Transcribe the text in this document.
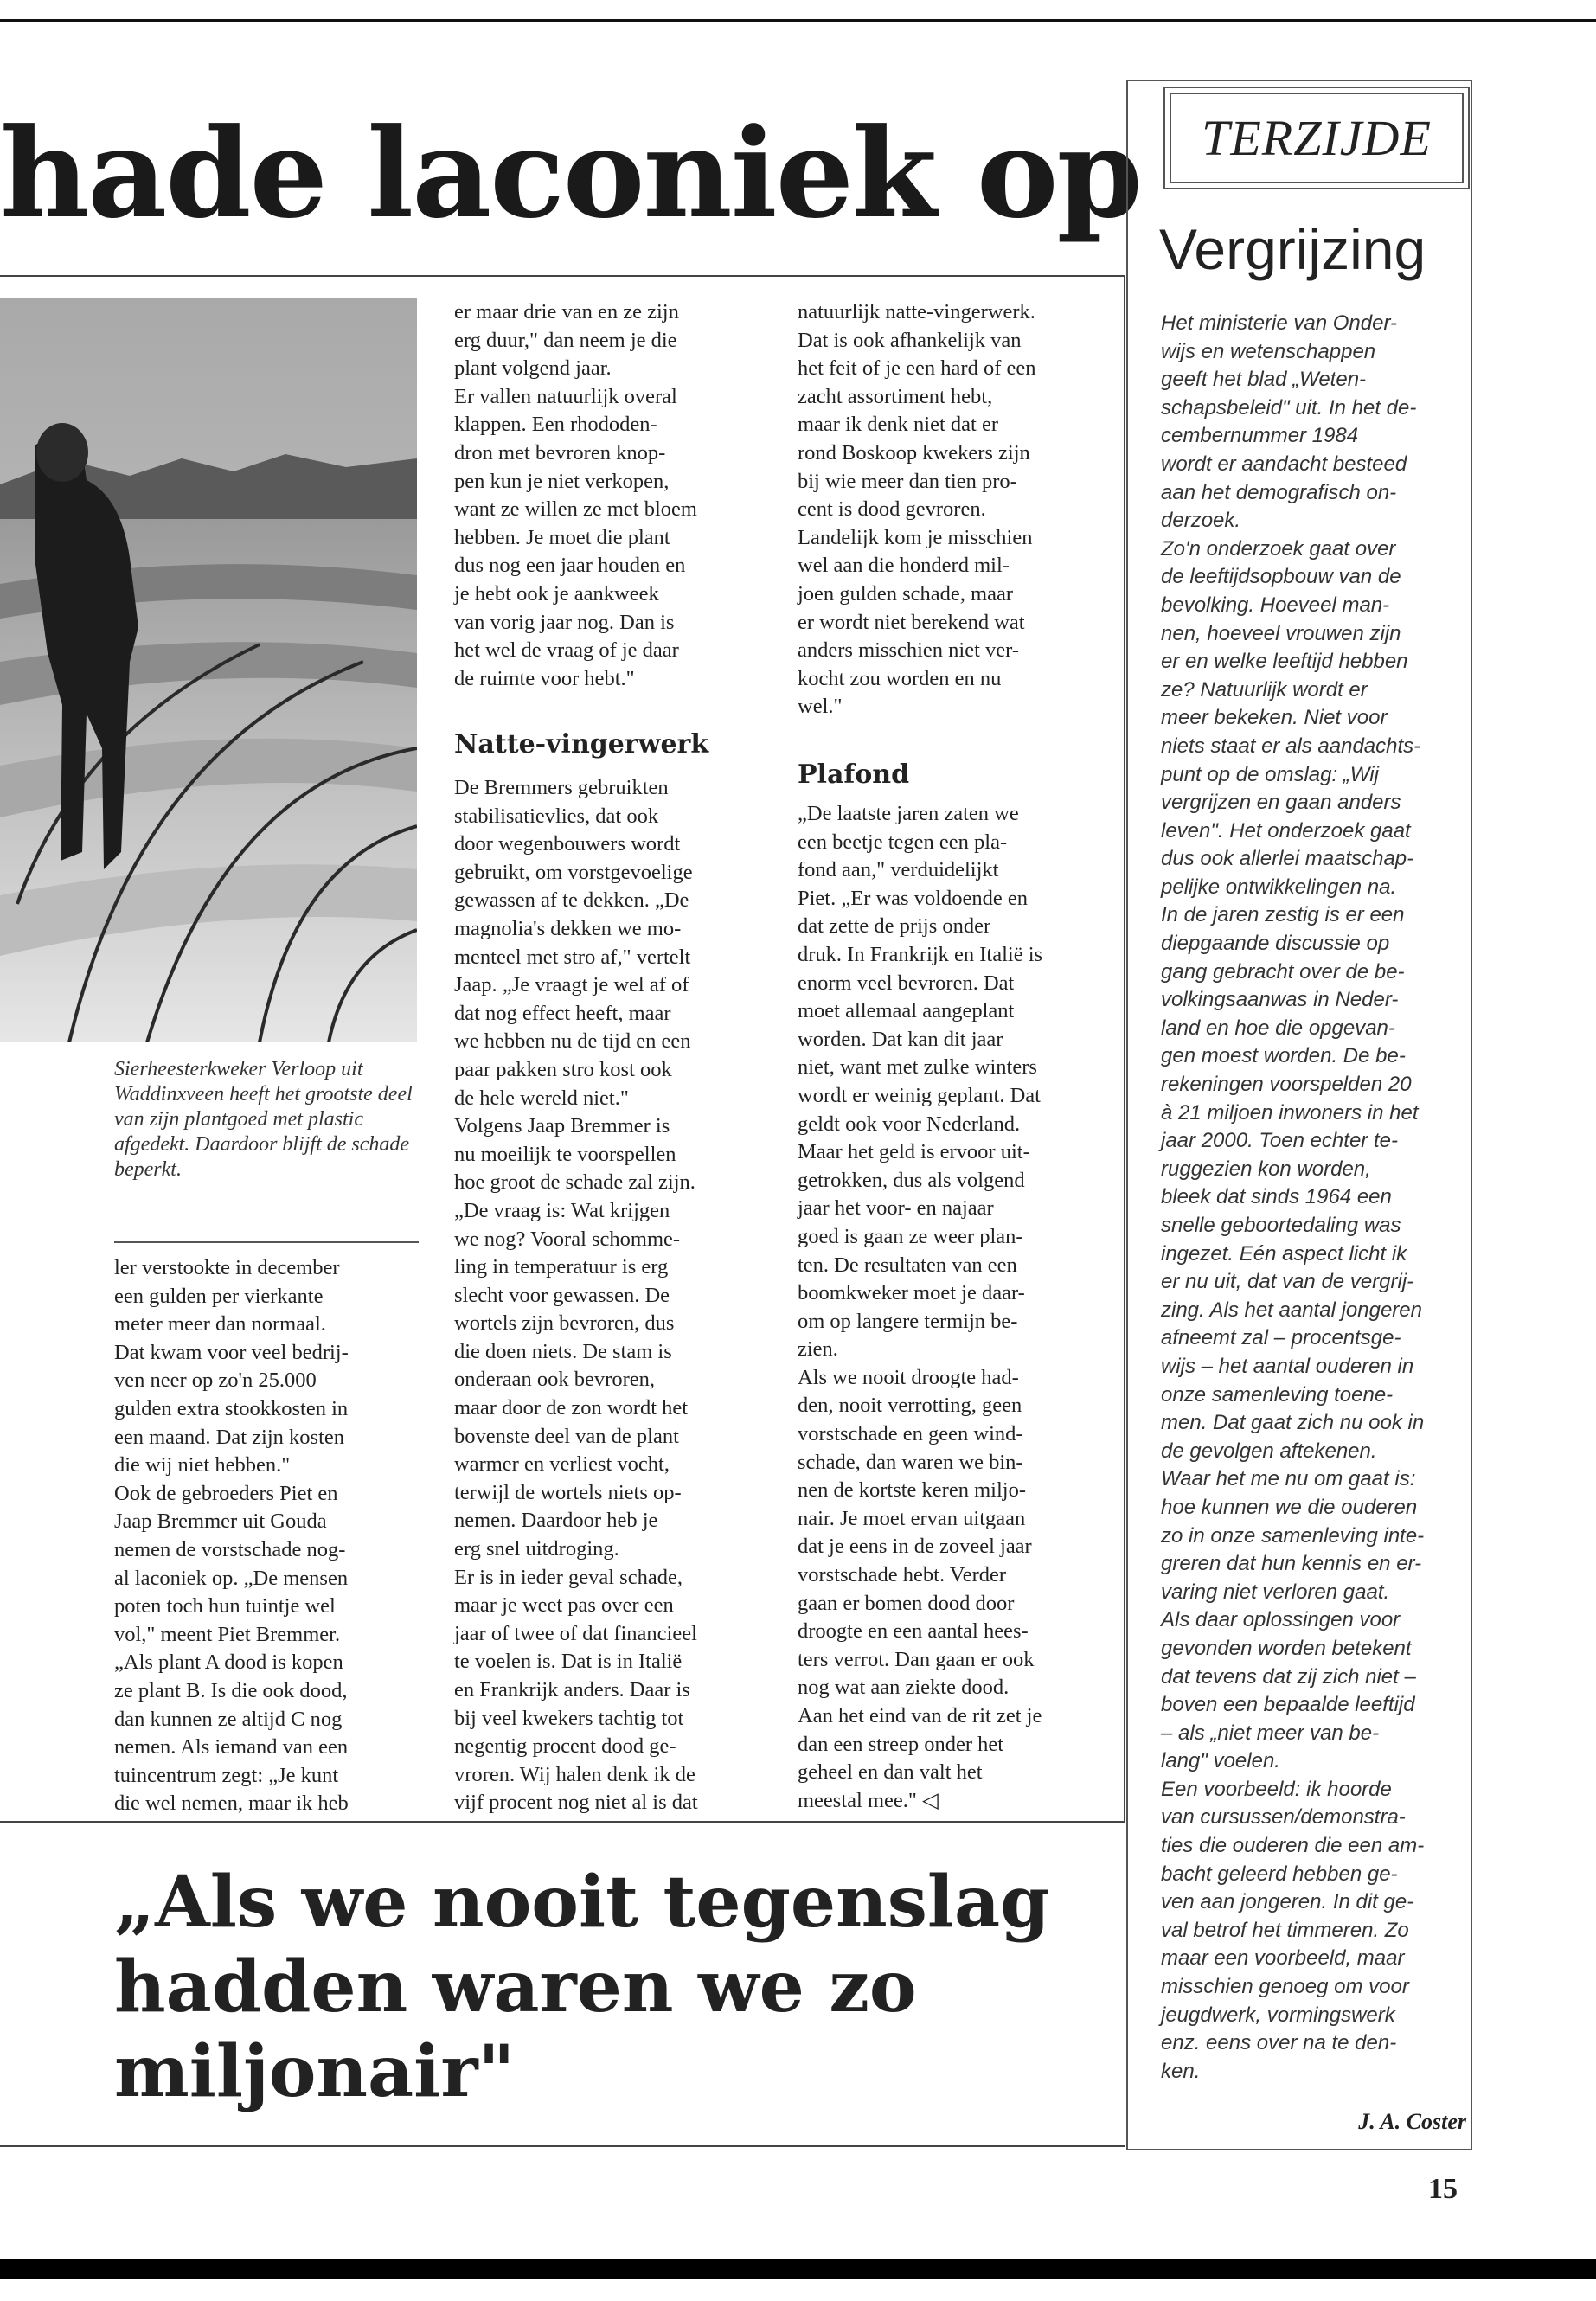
hade laconiek op
Sierheesterkweker Verloop uit Waddinxveen heeft het grootste deel van zijn plantgoed met plastic afgedekt. Daardoor blijft de schade beperkt.
ler verstookte in december
een gulden per vierkante
meter meer dan normaal.
Dat kwam voor veel bedrij-
ven neer op zo'n 25.000
gulden extra stookkosten in
een maand. Dat zijn kosten
die wij niet hebben."
Ook de gebroeders Piet en
Jaap Bremmer uit Gouda
nemen de vorstschade nog-
al laconiek op. „De mensen
poten toch hun tuintje wel
vol," meent Piet Bremmer.
„Als plant A dood is kopen
ze plant B. Is die ook dood,
dan kunnen ze altijd C nog
nemen. Als iemand van een
tuincentrum zegt: „Je kunt
die wel nemen, maar ik heb
er maar drie van en ze zijn
erg duur," dan neem je die
plant volgend jaar.
Er vallen natuurlijk overal
klappen. Een rhododen-
dron met bevroren knop-
pen kun je niet verkopen,
want ze willen ze met bloem
hebben. Je moet die plant
dus nog een jaar houden en
je hebt ook je aankweek
van vorig jaar nog. Dan is
het wel de vraag of je daar
de ruimte voor hebt."
Natte-vingerwerk
De Bremmers gebruikten
stabilisatievlies, dat ook
door wegenbouwers wordt
gebruikt, om vorstgevoelige
gewassen af te dekken. „De
magnolia's dekken we mo-
menteel met stro af," vertelt
Jaap. „Je vraagt je wel af of
dat nog effect heeft, maar
we hebben nu de tijd en een
paar pakken stro kost ook
de hele wereld niet."
Volgens Jaap Bremmer is
nu moeilijk te voorspellen
hoe groot de schade zal zijn.
„De vraag is: Wat krijgen
we nog? Vooral schomme-
ling in temperatuur is erg
slecht voor gewassen. De
wortels zijn bevroren, dus
die doen niets. De stam is
onderaan ook bevroren,
maar door de zon wordt het
bovenste deel van de plant
warmer en verliest vocht,
terwijl de wortels niets op-
nemen. Daardoor heb je
erg snel uitdroging.
Er is in ieder geval schade,
maar je weet pas over een
jaar of twee of dat financieel
te voelen is. Dat is in Italië
en Frankrijk anders. Daar is
bij veel kwekers tachtig tot
negentig procent dood ge-
vroren. Wij halen denk ik de
vijf procent nog niet al is dat
natuurlijk natte-vingerwerk.
Dat is ook afhankelijk van
het feit of je een hard of een
zacht assortiment hebt,
maar ik denk niet dat er
rond Boskoop kwekers zijn
bij wie meer dan tien pro-
cent is dood gevroren.
Landelijk kom je misschien
wel aan die honderd mil-
joen gulden schade, maar
er wordt niet berekend wat
anders misschien niet ver-
kocht zou worden en nu
wel."
Plafond
„De laatste jaren zaten we
een beetje tegen een pla-
fond aan," verduidelijkt
Piet. „Er was voldoende en
dat zette de prijs onder
druk. In Frankrijk en Italië is
enorm veel bevroren. Dat
moet allemaal aangeplant
worden. Dat kan dit jaar
niet, want met zulke winters
wordt er weinig geplant. Dat
geldt ook voor Nederland.
Maar het geld is ervoor uit-
getrokken, dus als volgend
jaar het voor- en najaar
goed is gaan ze weer plan-
ten. De resultaten van een
boomkweker moet je daar-
om op langere termijn be-
zien.
Als we nooit droogte had-
den, nooit verrotting, geen
vorstschade en geen wind-
schade, dan waren we bin-
nen de kortste keren miljo-
nair. Je moet ervan uitgaan
dat je eens in de zoveel jaar
vorstschade hebt. Verder
gaan er bomen dood door
droogte en een aantal hees-
ters verrot. Dan gaan er ook
nog wat aan ziekte dood.
Aan het eind van de rit zet je
dan een streep onder het
geheel en dan valt het
meestal mee." ◁
„Als we nooit tegenslag
hadden waren we zo
miljonair"
TERZIJDE
Vergrijzing
Het ministerie van Onder-
wijs en wetenschappen
geeft het blad „Weten-
schapsbeleid" uit. In het de-
cembernummer 1984
wordt er aandacht besteed
aan het demografisch on-
derzoek.
Zo'n onderzoek gaat over
de leeftijdsopbouw van de
bevolking. Hoeveel man-
nen, hoeveel vrouwen zijn
er en welke leeftijd hebben
ze? Natuurlijk wordt er
meer bekeken. Niet voor
niets staat er als aandachts-
punt op de omslag: „Wij
vergrijzen en gaan anders
leven". Het onderzoek gaat
dus ook allerlei maatschap-
pelijke ontwikkelingen na.
In de jaren zestig is er een
diepgaande discussie op
gang gebracht over de be-
volkingsaanwas in Neder-
land en hoe die opgevan-
gen moest worden. De be-
rekeningen voorspelden 20
à 21 miljoen inwoners in het
jaar 2000. Toen echter te-
ruggezien kon worden,
bleek dat sinds 1964 een
snelle geboortedaling was
ingezet. Eén aspect licht ik
er nu uit, dat van de vergrij-
zing. Als het aantal jongeren
afneemt zal – procentsge-
wijs – het aantal ouderen in
onze samenleving toene-
men. Dat gaat zich nu ook in
de gevolgen aftekenen.
Waar het me nu om gaat is:
hoe kunnen we die ouderen
zo in onze samenleving inte-
greren dat hun kennis en er-
varing niet verloren gaat.
Als daar oplossingen voor
gevonden worden betekent
dat tevens dat zij zich niet –
boven een bepaalde leeftijd
– als „niet meer van be-
lang" voelen.
Een voorbeeld: ik hoorde
van cursussen/demonstra-
ties die ouderen die een am-
bacht geleerd hebben ge-
ven aan jongeren. In dit ge-
val betrof het timmeren. Zo
maar een voorbeeld, maar
misschien genoeg om voor
jeugdwerk, vormingswerk
enz. eens over na te den-
ken.
J. A. Coster
15
